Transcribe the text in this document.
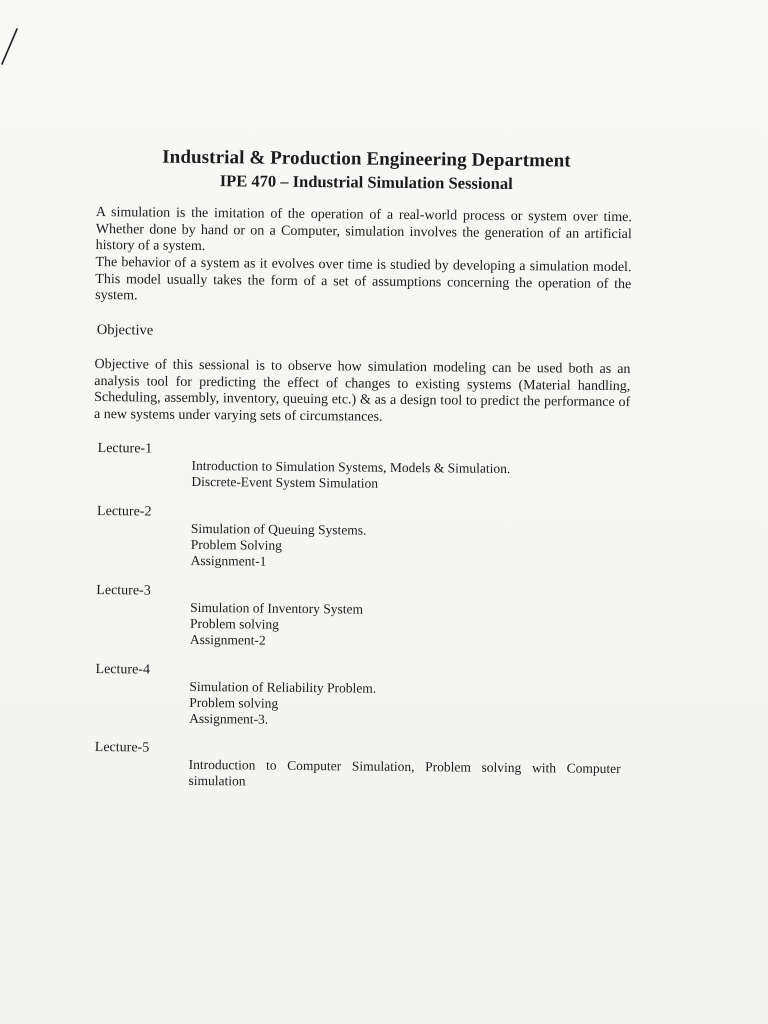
Industrial & Production Engineering Department
IPE 470 – Industrial Simulation Sessional

A simulation is the imitation of the operation of a real-world process or system over time. Whether done by hand or on a Computer, simulation involves the generation of an artificial history of a system.

The behavior of a system as it evolves over time is studied by developing a simulation model. This model usually takes the form of a set of assumptions concerning the operation of the system.

Objective

Objective of this sessional is to observe how simulation modeling can be used both as an analysis tool for predicting the effect of changes to existing systems (Material handling, Scheduling, assembly, inventory, queuing etc.) & as a design tool to predict the performance of a new systems under varying sets of circumstances.

Lecture-1
Introduction to Simulation Systems, Models & Simulation.
Discrete-Event System Simulation
Lecture-2
Simulation of Queuing Systems.
Problem Solving
Assignment-1
Lecture-3
Simulation of Inventory System
Problem solving
Assignment-2
Lecture-4
Simulation of Reliability Problem.
Problem solving
Assignment-3.
Lecture-5
Introduction to Computer Simulation, Problem solving with Computer simulation
